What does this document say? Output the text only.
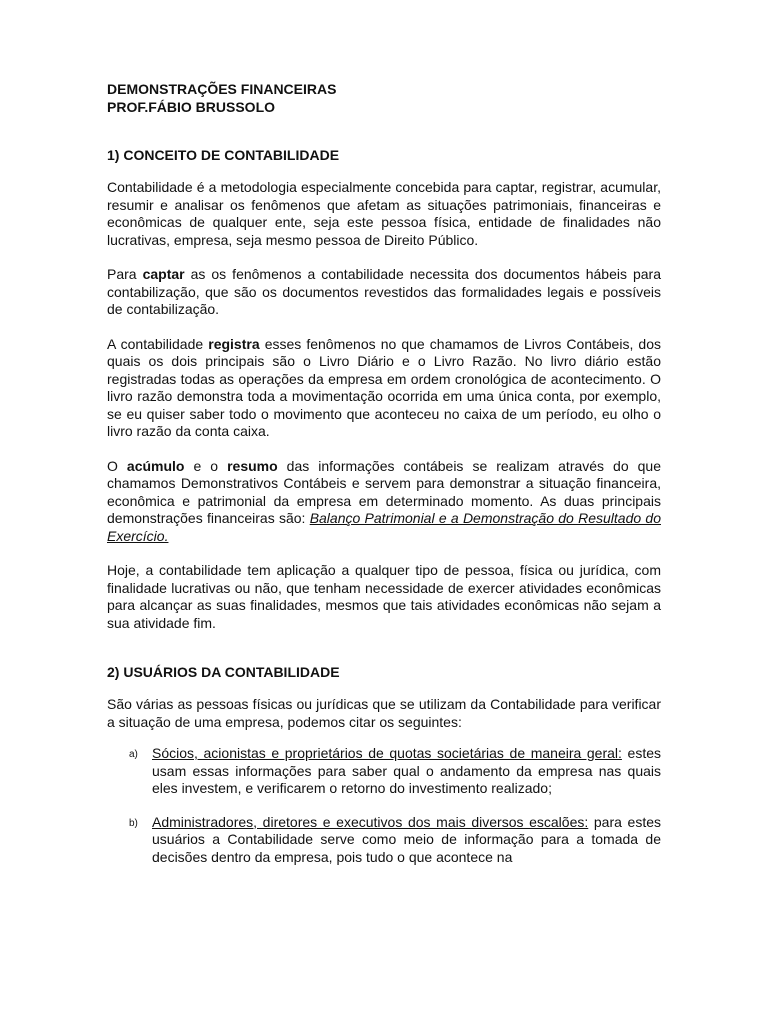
DEMONSTRAÇÕES FINANCEIRAS

PROF.FÁBIO BRUSSOLO

1) CONCEITO DE CONTABILIDADE

Contabilidade é a metodologia especialmente concebida para captar, registrar, acumular, resumir e analisar os fenômenos que afetam as situações patrimoniais, financeiras e econômicas de qualquer ente, seja este pessoa física, entidade de finalidades não lucrativas, empresa, seja mesmo pessoa de Direito Público.

Para captar as os fenômenos a contabilidade necessita dos documentos hábeis para contabilização, que são os documentos revestidos das formalidades legais e possíveis de contabilização.

A contabilidade registra esses fenômenos no que chamamos de Livros Contábeis, dos quais os dois principais são o Livro Diário e o Livro Razão. No livro diário estão registradas todas as operações da empresa em ordem cronológica de acontecimento. O livro razão demonstra toda a movimentação ocorrida em uma única conta, por exemplo, se eu quiser saber todo o movimento que aconteceu no caixa de um período, eu olho o livro razão da conta caixa.

O acúmulo e o resumo das informações contábeis se realizam através do que chamamos Demonstrativos Contábeis e servem para demonstrar a situação financeira, econômica e patrimonial da empresa em determinado momento. As duas principais demonstrações financeiras são: Balanço Patrimonial e a Demonstração do Resultado do Exercício.

Hoje, a contabilidade tem aplicação a qualquer tipo de pessoa, física ou jurídica, com finalidade lucrativas ou não, que tenham necessidade de exercer atividades econômicas para alcançar as suas finalidades, mesmos que tais atividades econômicas não sejam a sua atividade fim.

2) USUÁRIOS DA CONTABILIDADE

São várias as pessoas físicas ou jurídicas que se utilizam da Contabilidade para verificar a situação de uma empresa, podemos citar os seguintes:

a) Sócios, acionistas e proprietários de quotas societárias de maneira geral: estes usam essas informações para saber qual o andamento da empresa nas quais eles investem, e verificarem o retorno do investimento realizado;
b) Administradores, diretores e executivos dos mais diversos escalões: para estes usuários a Contabilidade serve como meio de informação para a tomada de decisões dentro da empresa, pois tudo o que acontece na
